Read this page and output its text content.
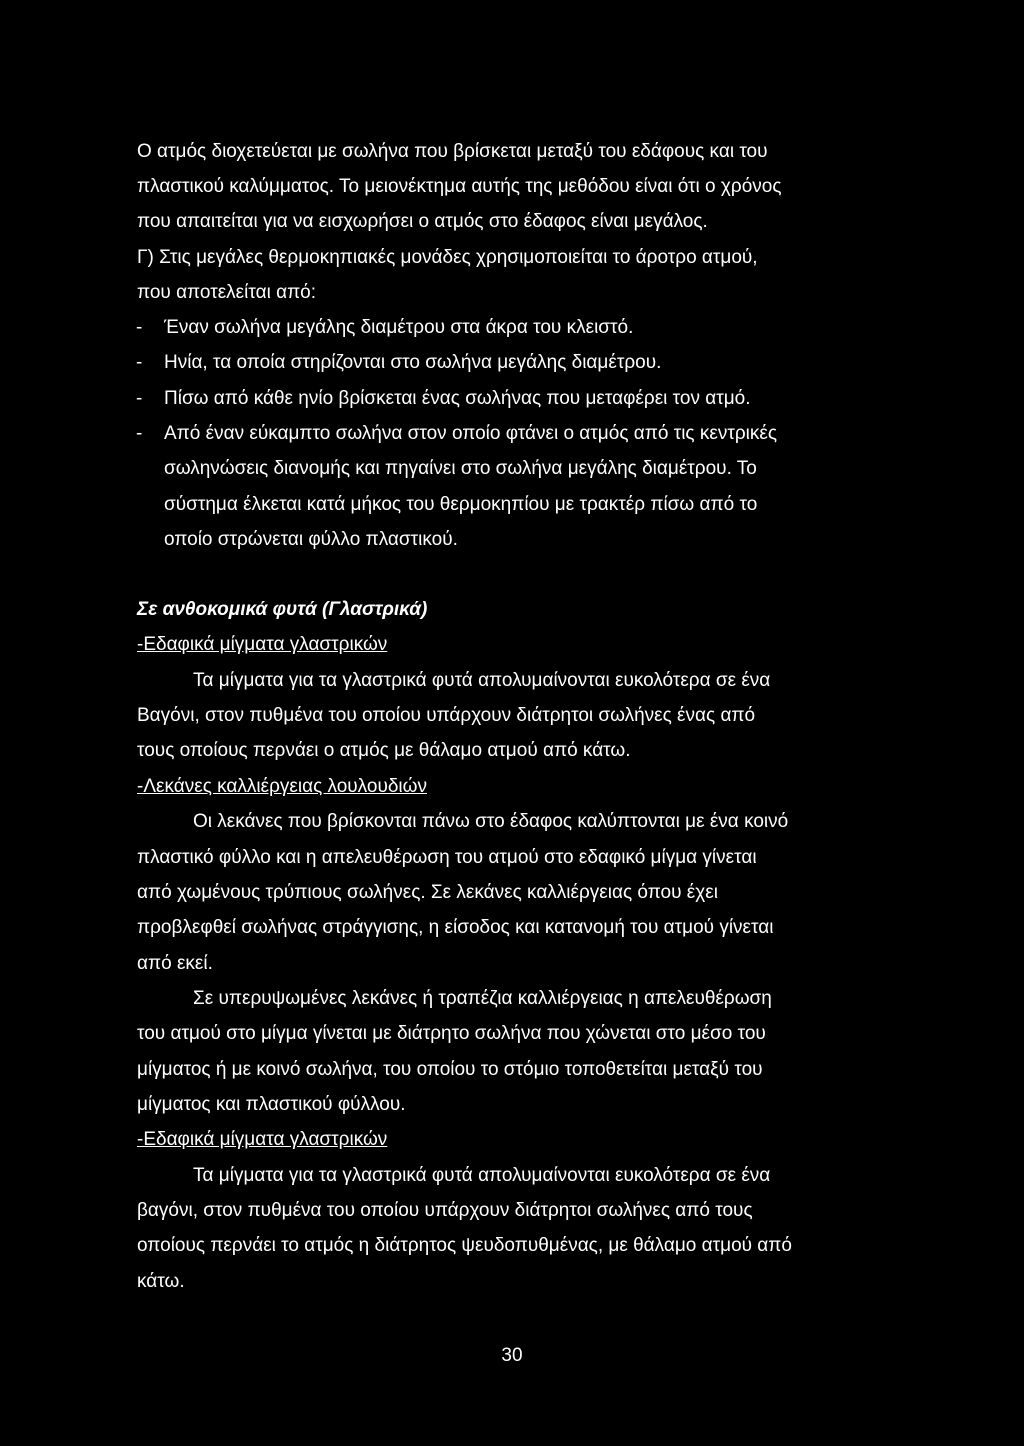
Ο ατμός διοχετεύεται με σωλήνα που βρίσκεται μεταξύ του εδάφους και του
πλαστικού καλύμματος. Το μειονέκτημα αυτής της μεθόδου είναι ότι ο χρόνος
που απαιτείται για να εισχωρήσει ο ατμός στο έδαφος είναι μεγάλος.
Γ) Στις μεγάλες θερμοκηπιακές μονάδες χρησιμοποιείται το άροτρο ατμού,
που αποτελείται από:
- Έναν σωλήνα μεγάλης διαμέτρου στα άκρα του κλειστό.
- Ηνία, τα οποία στηρίζονται στο σωλήνα μεγάλης διαμέτρου.
- Πίσω από κάθε ηνίο βρίσκεται ένας σωλήνας που μεταφέρει τον ατμό.
- Από έναν εύκαμπτο σωλήνα στον οποίο φτάνει ο ατμός από τις κεντρικές
σωληνώσεις διανομής και πηγαίνει στο σωλήνα μεγάλης διαμέτρου. Το
σύστημα έλκεται κατά μήκος του θερμοκηπίου με τρακτέρ πίσω από το
οποίο στρώνεται φύλλο πλαστικού.
Σε ανθοκομικά φυτά (Γλαστρικά)
-Εδαφικά μίγματα γλαστρικών
Τα μίγματα για τα γλαστρικά φυτά απολυμαίνονται ευκολότερα σε ένα
Βαγόνι, στον πυθμένα του οποίου υπάρχουν διάτρητοι σωλήνες ένας από
τους οποίους περνάει ο ατμός με θάλαμο ατμού από κάτω.
-Λεκάνες καλλιέργειας λουλουδιών
Οι λεκάνες που βρίσκονται πάνω στο έδαφος καλύπτονται με ένα κοινό
πλαστικό φύλλο και η απελευθέρωση του ατμού στο εδαφικό μίγμα γίνεται
από χωμένους τρύπιους σωλήνες. Σε λεκάνες καλλιέργειας όπου έχει
προβλεφθεί σωλήνας στράγγισης, η είσοδος και κατανομή του ατμού γίνεται
από εκεί.
Σε υπερυψωμένες λεκάνες ή τραπέζια καλλιέργειας η απελευθέρωση
του ατμού στο μίγμα γίνεται με διάτρητο σωλήνα που χώνεται στο μέσο του
μίγματος ή με κοινό σωλήνα, του οποίου το στόμιο τοποθετείται μεταξύ του
μίγματος και πλαστικού φύλλου.
-Εδαφικά μίγματα γλαστρικών
Τα μίγματα για τα γλαστρικά φυτά απολυμαίνονται ευκολότερα σε ένα
βαγόνι, στον πυθμένα του οποίου υπάρχουν διάτρητοι σωλήνες από τους
οποίους περνάει το ατμός η διάτρητος ψευδοπυθμένας, με θάλαμο ατμού από
κάτω.
30
